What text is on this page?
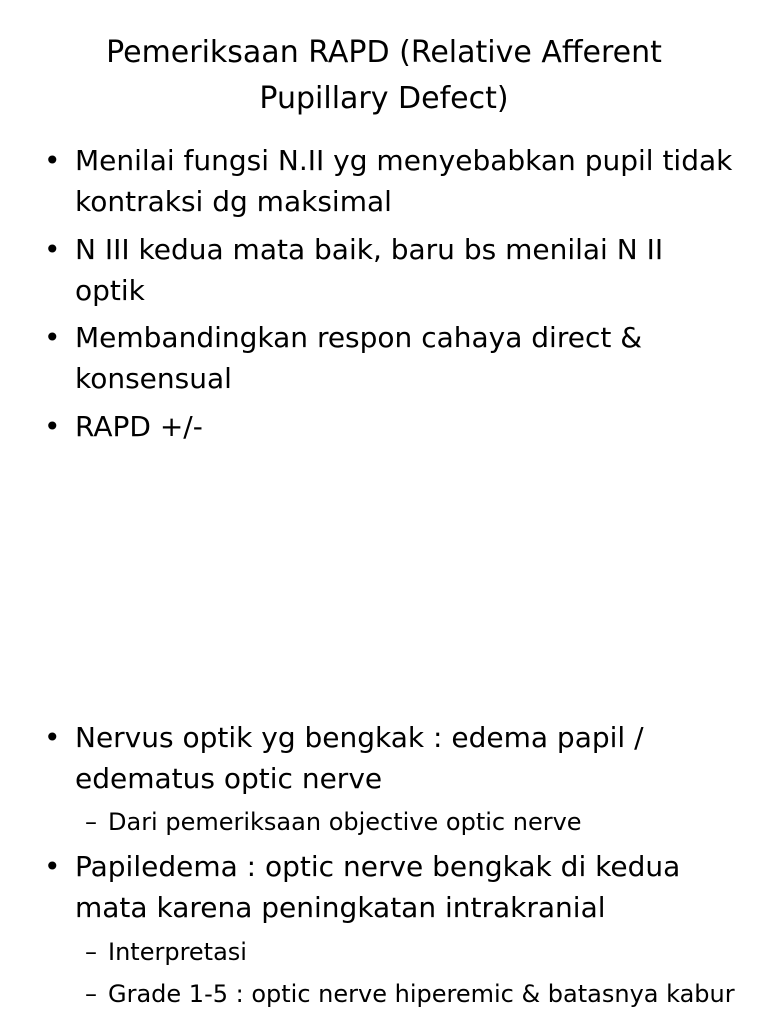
Pemeriksaan RAPD (Relative Afferent Pupillary Defect)
• Menilai fungsi N.II yg menyebabkan pupil tidak kontraksi dg maksimal
• N III kedua mata baik, baru bs menilai N II optik
• Membandingkan respon cahaya direct & konsensual
• RAPD +/-
• Nervus optik yg bengkak : edema papil / edematus optic nerve
– Dari pemeriksaan objective optic nerve
• Papiledema : optic nerve bengkak di kedua mata karena peningkatan intrakranial
– Interpretasi
– Grade 1-5 : optic nerve hiperemic & batasnya kabur
